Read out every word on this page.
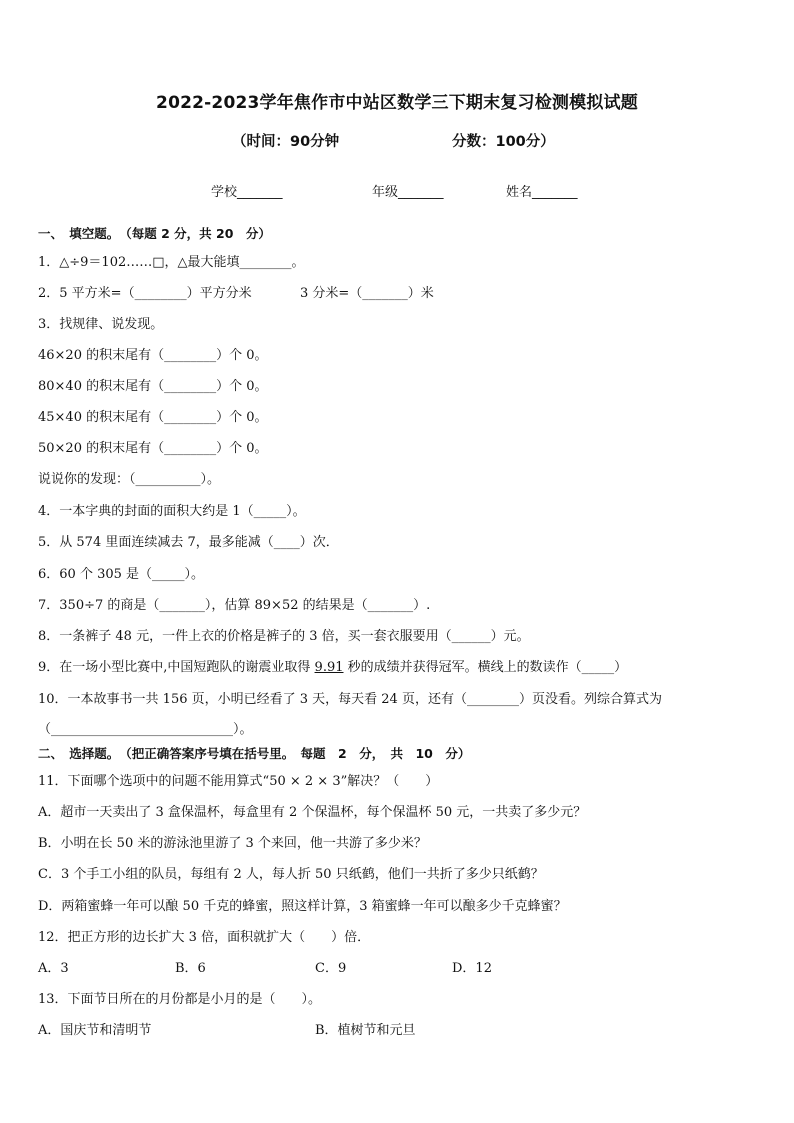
2022-2023学年焦作市中站区数学三下期末复习检测模拟试题
（时间：90分钟	分数：100分）
学校_______	年级_______	姓名_______
一、　填空题。　（每题 2 分，共 20　分）
1．△÷9＝102……□，△最大能填________。
2．5 平方米=（________）平方分米	3 分米=（_______）米
3．找规律、说发现。
46×20 的积末尾有（________）个 0。
80×40 的积末尾有（________）个 0。
45×40 的积末尾有（________）个 0。
50×20 的积末尾有（________）个 0。
说说你的发现：（__________）。
4．一本字典的封面的面积大约是 1（_____）。
5．从 574 里面连续减去 7，最多能减（____）次．
6．60 个 305 是（_____）。
7．350÷7 的商是（_______），估算 89×52 的结果是（_______）.
8．一条裤子 48 元，一件上衣的价格是裤子的 3 倍，买一套衣服要用（______）元。
9．在一场小型比赛中,中国短跑队的谢震业取得 9.91 秒的成绩并获得冠军。横线上的数读作（_____）
10．一本故事书一共 156 页，小明已经看了 3 天，每天看 24 页，还有（________）页没看。列综合算式为
（____________________________）。
二、　选择题。　（把正确答案序号填在括号里。　每题　2　分，　共　10　分）
11．下面哪个选项中的问题不能用算式“50 × 2 × 3”解决？（　　）
A．超市一天卖出了 3 盒保温杯，每盒里有 2 个保温杯，每个保温杯 50 元，一共卖了多少元？
B．小明在长 50 米的游泳池里游了 3 个来回，他一共游了多少米？
C．3 个手工小组的队员，每组有 2 人，每人折 50 只纸鹤，他们一共折了多少只纸鹤？
D．两箱蜜蜂一年可以酿 50 千克的蜂蜜，照这样计算，3 箱蜜蜂一年可以酿多少千克蜂蜜？
12．把正方形的边长扩大 3 倍，面积就扩大（　　）倍．
A．3	B．6	C．9	D．12
13．下面节日所在的月份都是小月的是（　　）。
A．国庆节和清明节	B．植树节和元旦
